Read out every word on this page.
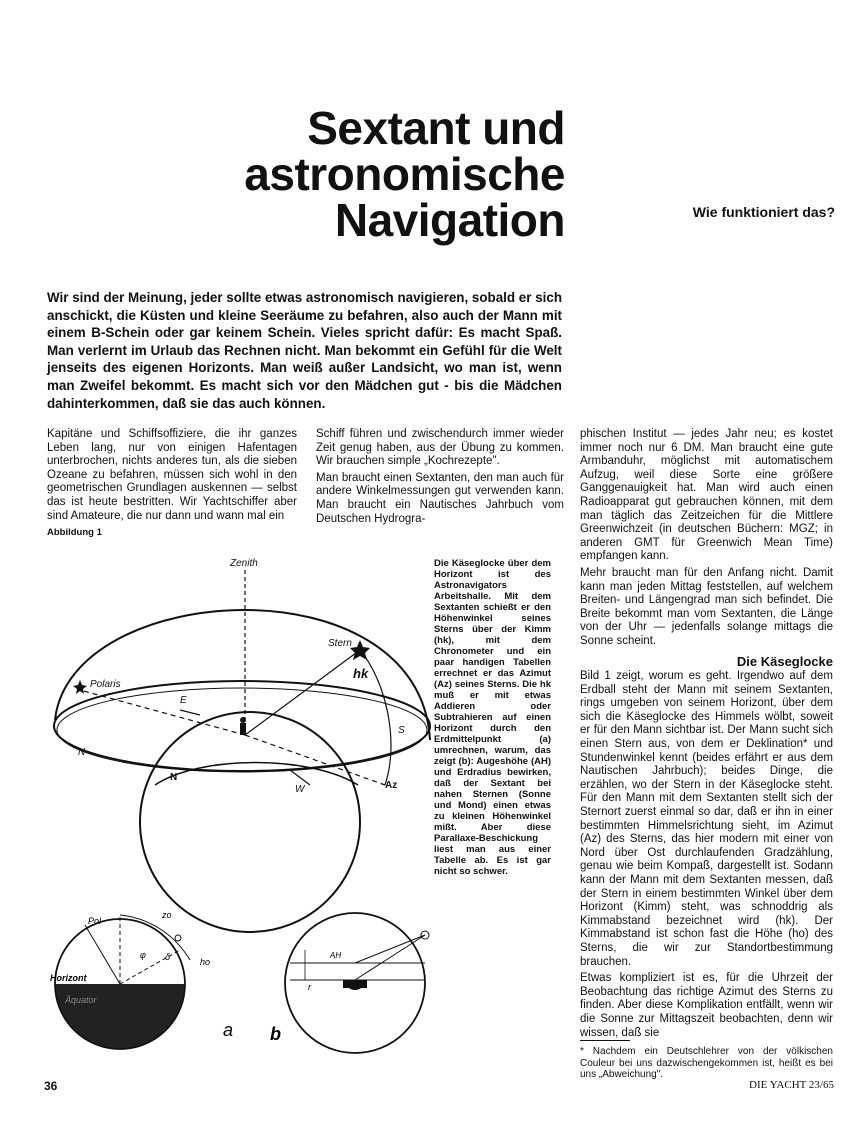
Sextant und
astronomische
Navigation	Wie funktioniert das?
Wir sind der Meinung, jeder sollte etwas astronomisch navigieren, sobald er sich anschickt, die Küsten und kleine Seeräume zu befahren, also auch der Mann mit einem B-Schein oder gar keinem Schein. Vieles spricht dafür: Es macht Spaß. Man verlernt im Urlaub das Rechnen nicht. Man bekommt ein Gefühl für die Welt jenseits des eigenen Horizonts. Man weiß außer Landsicht, wo man ist, wenn man Zweifel bekommt. Es macht sich vor den Mädchen gut - bis die Mädchen dahinterkommen, daß sie das auch können.

Kapitäne und Schiffsoffiziere, die ihr ganzes Leben lang, nur von einigen Hafentagen unterbrochen, nichts anderes tun, als die sieben Ozeane zu befahren, müssen sich wohl in den geometrischen Grundlagen auskennen — selbst das ist heute bestritten. Wir Yachtschiffer aber sind Amateure, die nur dann und wann mal ein

Schiff führen und zwischendurch immer wieder Zeit genug haben, aus der Übung zu kommen. Wir brauchen simple „Kochrezepte".

Man braucht einen Sextanten, den man auch für andere Winkelmessungen gut verwenden kann. Man braucht ein Nautisches Jahrbuch vom Deutschen Hydrogra-

phischen Institut — jedes Jahr neu; es kostet immer noch nur 6 DM. Man braucht eine gute Armbanduhr, möglichst mit automatischem Aufzug, weil diese Sorte eine größere Ganggenauigkeit hat. Man wird auch einen Radioapparat gut gebrauchen können, mit dem man täglich das Zeitzeichen für die Mittlere Greenwichzeit (in deutschen Büchern: MGZ; in anderen GMT für Greenwich Mean Time) empfangen kann.

Mehr braucht man für den Anfang nicht. Damit kann man jeden Mittag feststellen, auf welchem Breiten- und Längengrad man sich befindet. Die Breite bekommt man vom Sextanten, die Länge von der Uhr — jedenfalls solange mittags die Sonne scheint.

Die Käseglocke

Bild 1 zeigt, worum es geht. Irgendwo auf dem Erdball steht der Mann mit seinem Sextanten, rings umgeben von seinem Horizont, über dem sich die Käseglocke des Himmels wölbt, soweit er für den Mann sichtbar ist. Der Mann sucht sich einen Stern aus, von dem er Deklination* und Stundenwinkel kennt (beides erfährt er aus dem Nautischen Jahrbuch); beides Dinge, die erzählen, wo der Stern in der Käseglocke steht. Für den Mann mit dem Sextanten stellt sich der Sternort zuerst einmal so dar, daß er ihn in einer bestimmten Himmelsrichtung sieht, im Azimut (Az) des Sterns, das hier modern mit einer von Nord über Ost durchlaufenden Gradzählung, genau wie beim Kompaß, dargestellt ist. Sodann kann der Mann mit dem Sextanten messen, daß der Stern in einem bestimmten Winkel über dem Horizont (Kimm) steht, was schnoddrig als Kimmabstand bezeichnet wird (hk). Der Kimmabstand ist schon fast die Höhe (ho) des Sterns, die wir zur Standortbestimmung brauchen.

Etwas kompliziert ist es, für die Uhrzeit der Beobachtung das richtige Azimut des Sterns zu finden. Aber diese Komplikation entfällt, wenn wir die Sonne zur Mittagszeit beobachten, denn wir wissen, daß sie

Abbildung 1
Die Käseglocke über dem Horizont ist des Astronavigators Arbeitshalle. Mit dem Sextanten schießt er den Höhenwinkel seines Sterns über der Kimm (hk), mit dem Chronometer und ein paar handigen Tabellen errechnet er das Azimut (Az) seines Sterns. Die hk muß er mit etwas Addieren oder Subtrahieren auf einen Horizont durch den Erdmittelpunkt (a) umrechnen, warum, das zeigt (b): Augeshöhe (AH) und Erdradius bewirken, daß der Sextant bei nahen Sternen (Sonne und Mond) einen etwas zu kleinen Höhenwinkel mißt. Aber diese Parallaxe-Beschickung liest man aus einer Tabelle ab. Es ist gar nicht so schwer.
Zenith
Stern
hk
Polaris
E
N
S
W
N
Az
zo
Pol
φ δ	ho
Horizont
Äquator
a
AH
r
b
* Nachdem ein Deutschlehrer von der völkischen Couleur bei uns dazwischengekommen ist, heißt es bei uns „Abweichung".
36	DIE YACHT 23/65
